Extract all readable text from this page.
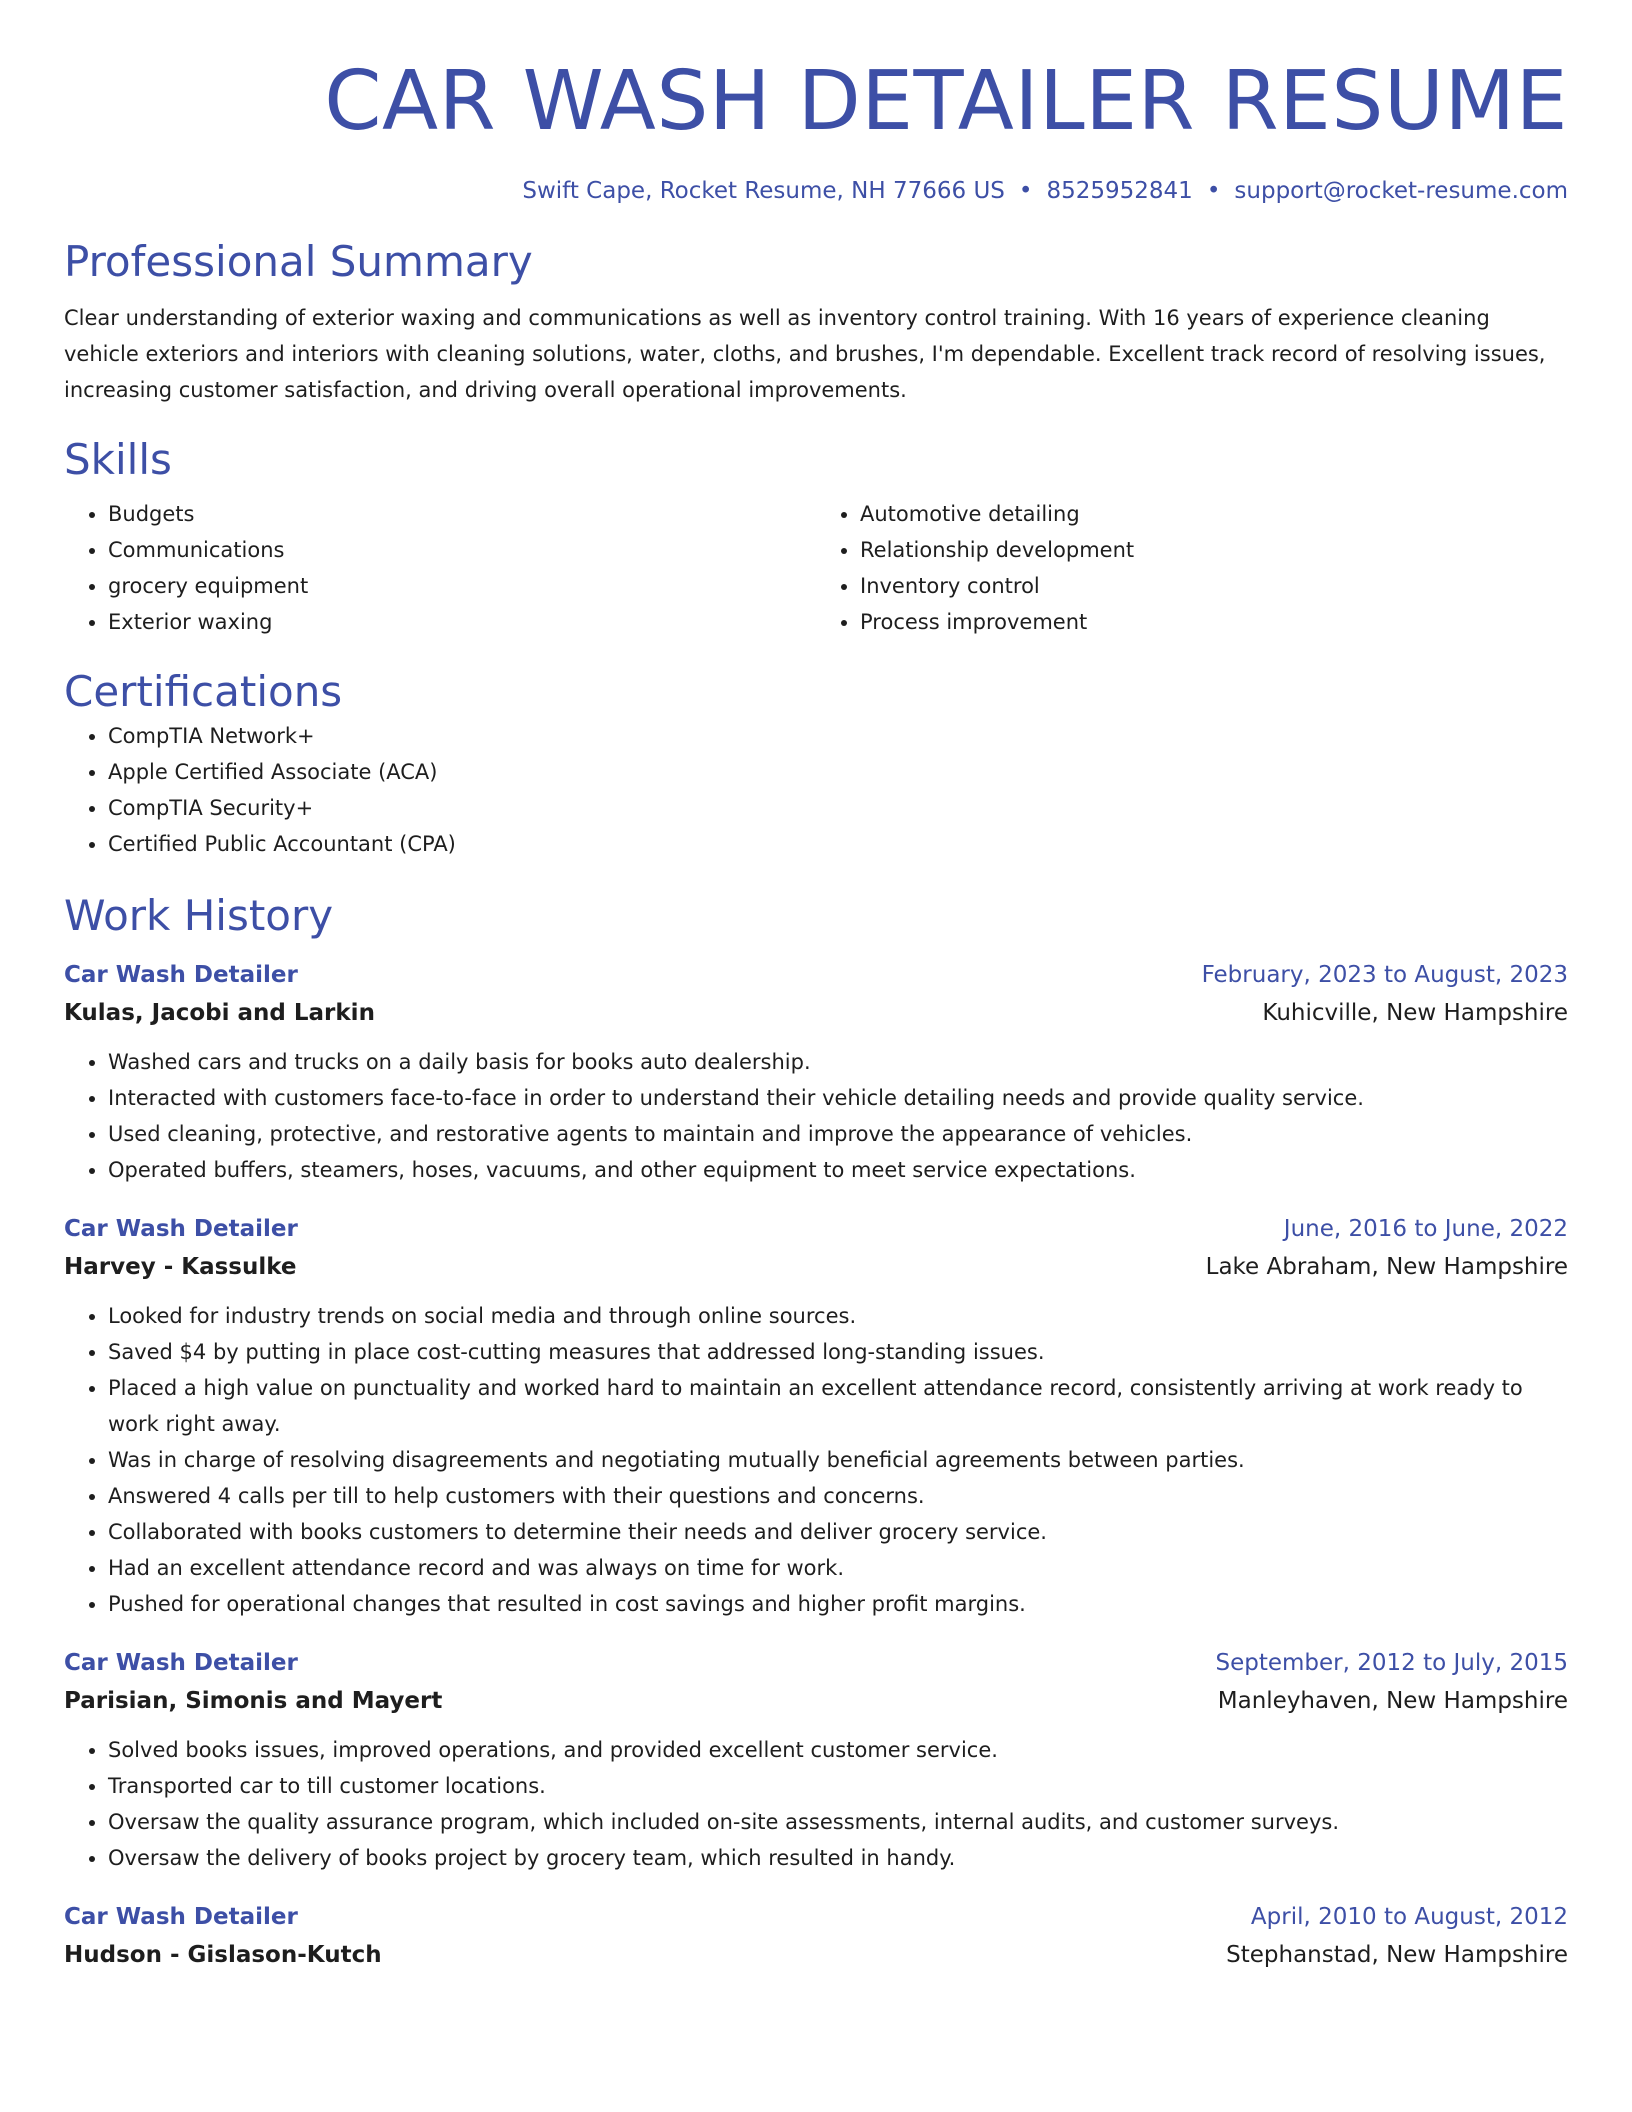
CAR WASH DETAILER RESUME
Swift Cape, Rocket Resume, NH 77666 US • 8525952841 • support@rocket-resume.com
Professional Summary

Clear understanding of exterior waxing and communications as well as inventory control training. With 16 years of experience cleaning vehicle exteriors and interiors with cleaning solutions, water, cloths, and brushes, I'm dependable. Excellent track record of resolving issues, increasing customer satisfaction, and driving overall operational improvements.

Skills
• Budgets
• Communications
• grocery equipment
• Exterior waxing
• Automotive detailing
• Relationship development
• Inventory control
• Process improvement
Certifications
• CompTIA Network+
• Apple Certified Associate (ACA)
• CompTIA Security+
• Certified Public Accountant (CPA)
Work History
Car Wash Detailer	February, 2023 to August, 2023
Kulas, Jacobi and Larkin	Kuhicville, New Hampshire
• Washed cars and trucks on a daily basis for books auto dealership.
• Interacted with customers face-to-face in order to understand their vehicle detailing needs and provide quality service.
• Used cleaning, protective, and restorative agents to maintain and improve the appearance of vehicles.
• Operated buffers, steamers, hoses, vacuums, and other equipment to meet service expectations.
Car Wash Detailer	June, 2016 to June, 2022
Harvey - Kassulke	Lake Abraham, New Hampshire
• Looked for industry trends on social media and through online sources.
• Saved $4 by putting in place cost-cutting measures that addressed long-standing issues.
• Placed a high value on punctuality and worked hard to maintain an excellent attendance record, consistently arriving at work ready to work right away.
• Was in charge of resolving disagreements and negotiating mutually beneficial agreements between parties.
• Answered 4 calls per till to help customers with their questions and concerns.
• Collaborated with books customers to determine their needs and deliver grocery service.
• Had an excellent attendance record and was always on time for work.
• Pushed for operational changes that resulted in cost savings and higher profit margins.
Car Wash Detailer	September, 2012 to July, 2015
Parisian, Simonis and Mayert	Manleyhaven, New Hampshire
• Solved books issues, improved operations, and provided excellent customer service.
• Transported car to till customer locations.
• Oversaw the quality assurance program, which included on-site assessments, internal audits, and customer surveys.
• Oversaw the delivery of books project by grocery team, which resulted in handy.
Car Wash Detailer	April, 2010 to August, 2012
Hudson - Gislason-Kutch	Stephanstad, New Hampshire
